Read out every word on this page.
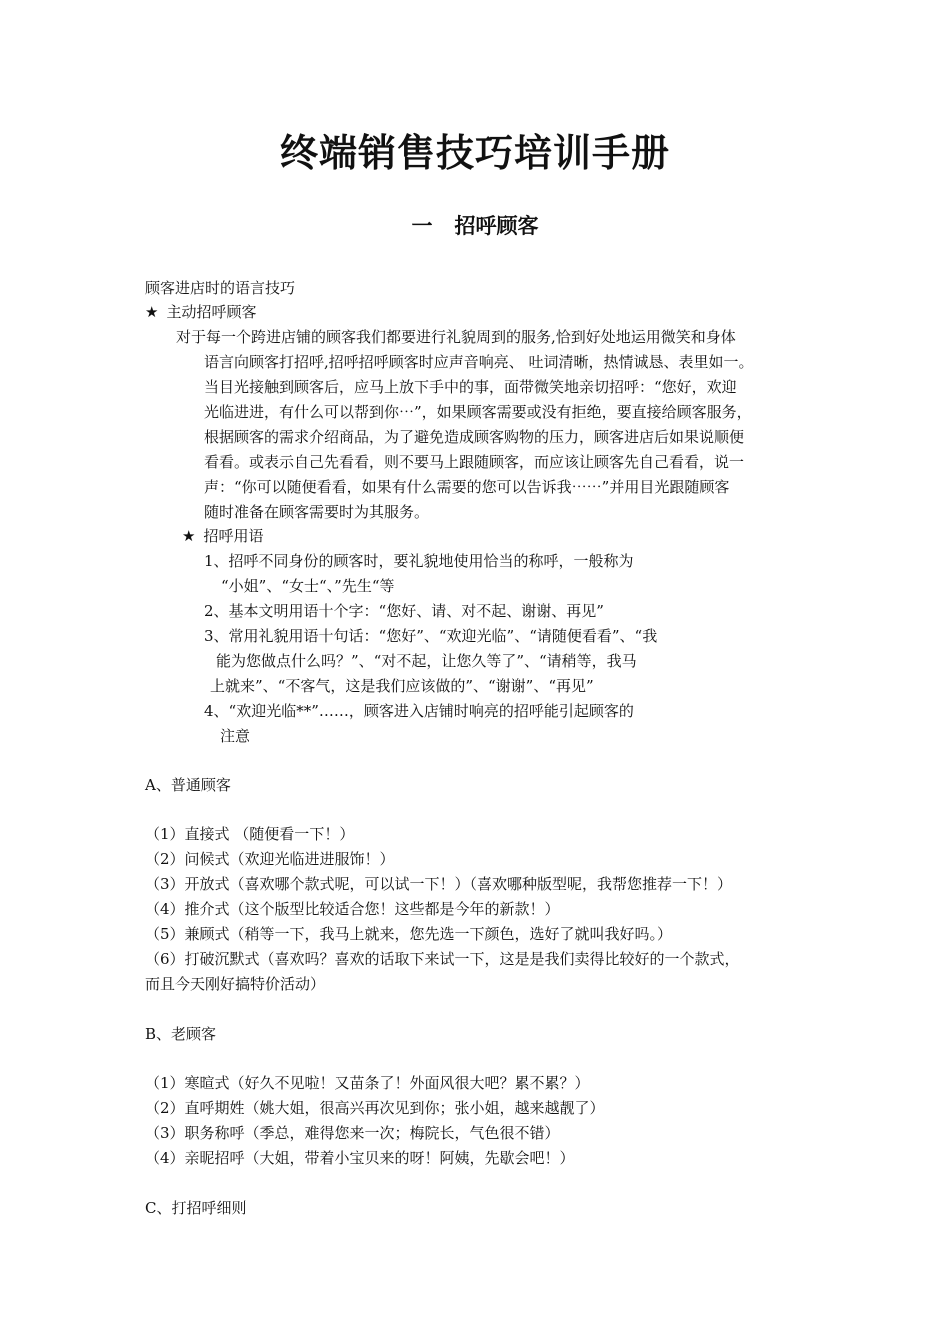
终端销售技巧培训手册
一 招呼顾客
顾客进店时的语言技巧
★ 主动招呼顾客
对于每一个跨进店铺的顾客我们都要进行礼貌周到的服务,恰到好处地运用微笑和身体
语言向顾客打招呼,招呼招呼顾客时应声音响亮、 吐词清晰，热情诚恳、表里如一。
当目光接触到顾客后，应马上放下手中的事，面带微笑地亲切招呼：“您好，欢迎
光临进进，有什么可以帮到你⋯”，如果顾客需要或没有拒绝，要直接给顾客服务，
根据顾客的需求介绍商品，为了避免造成顾客购物的压力，顾客进店后如果说顺便
看看。或表示自己先看看，则不要马上跟随顾客，而应该让顾客先自己看看，说一
声：“你可以随便看看，如果有什么需要的您可以告诉我⋯⋯”并用目光跟随顾客
随时准备在顾客需要时为其服务。
★ 招呼用语
1、招呼不同身份的顾客时，要礼貌地使用恰当的称呼，一般称为
“小姐”、“女士“、”先生“等
2、基本文明用语十个字：“您好、请、对不起、谢谢、再见”
3、常用礼貌用语十句话：“您好”、“欢迎光临”、“请随便看看”、“我
能为您做点什么吗？”、“对不起，让您久等了”、“请稍等，我马
上就来”、“不客气，这是我们应该做的”、“谢谢”、“再见”
4、“欢迎光临**”……，顾客进入店铺时响亮的招呼能引起顾客的
注意
A、普通顾客
（1）直接式 （随便看一下！）
（2）问候式（欢迎光临进进服饰！）
（3）开放式（喜欢哪个款式呢，可以试一下！）（喜欢哪种版型呢，我帮您推荐一下！）
（4）推介式（这个版型比较适合您！这些都是今年的新款！）
（5）兼顾式（稍等一下，我马上就来，您先选一下颜色，选好了就叫我好吗。）
（6）打破沉默式（喜欢吗？喜欢的话取下来试一下，这是是我们卖得比较好的一个款式，
而且今天刚好搞特价活动）
B、老顾客
（1）寒暄式（好久不见啦！又苗条了！外面风很大吧？累不累？）
（2）直呼期姓（姚大姐，很高兴再次见到你；张小姐，越来越靓了）
（3）职务称呼（季总，难得您来一次；梅院长，气色很不错）
（4）亲昵招呼（大姐，带着小宝贝来的呀！阿姨，先歇会吧！）
C、打招呼细则
